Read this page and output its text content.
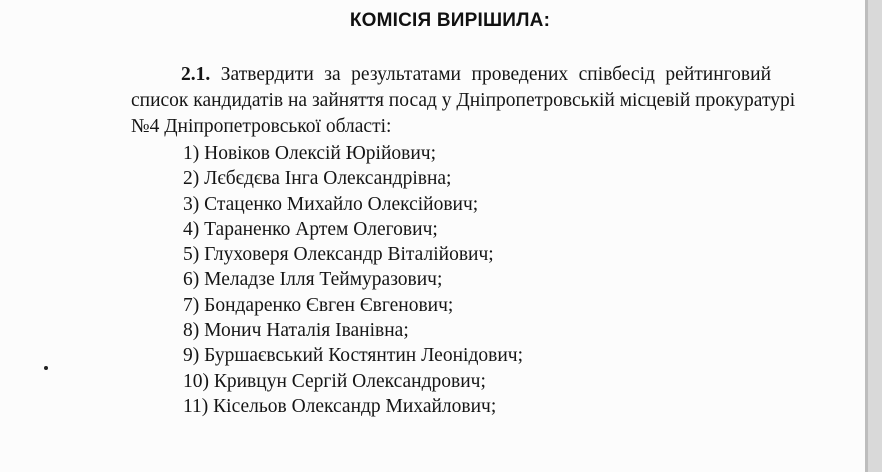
КОМІСІЯ ВИРІШИЛА:
2.1. Затвердити за результатами проведених співбесід рейтинговий
список кандидатів на зайняття посад у Дніпропетровській місцевій прокуратурі
№4 Дніпропетровської області:
1) Новіков Олексій Юрійович;
2) Лєбєдєва Інга Олександрівна;
3) Стаценко Михайло Олексійович;
4) Тараненко Артем Олегович;
5) Глуховеря Олександр Віталійович;
6) Меладзе Ілля Теймуразович;
7) Бондаренко Євген Євгенович;
8) Монич Наталія Іванівна;
9) Буршаєвський Костянтин Леонідович;
10) Кривцун Сергій Олександрович;
11) Кісельов Олександр Михайлович;
